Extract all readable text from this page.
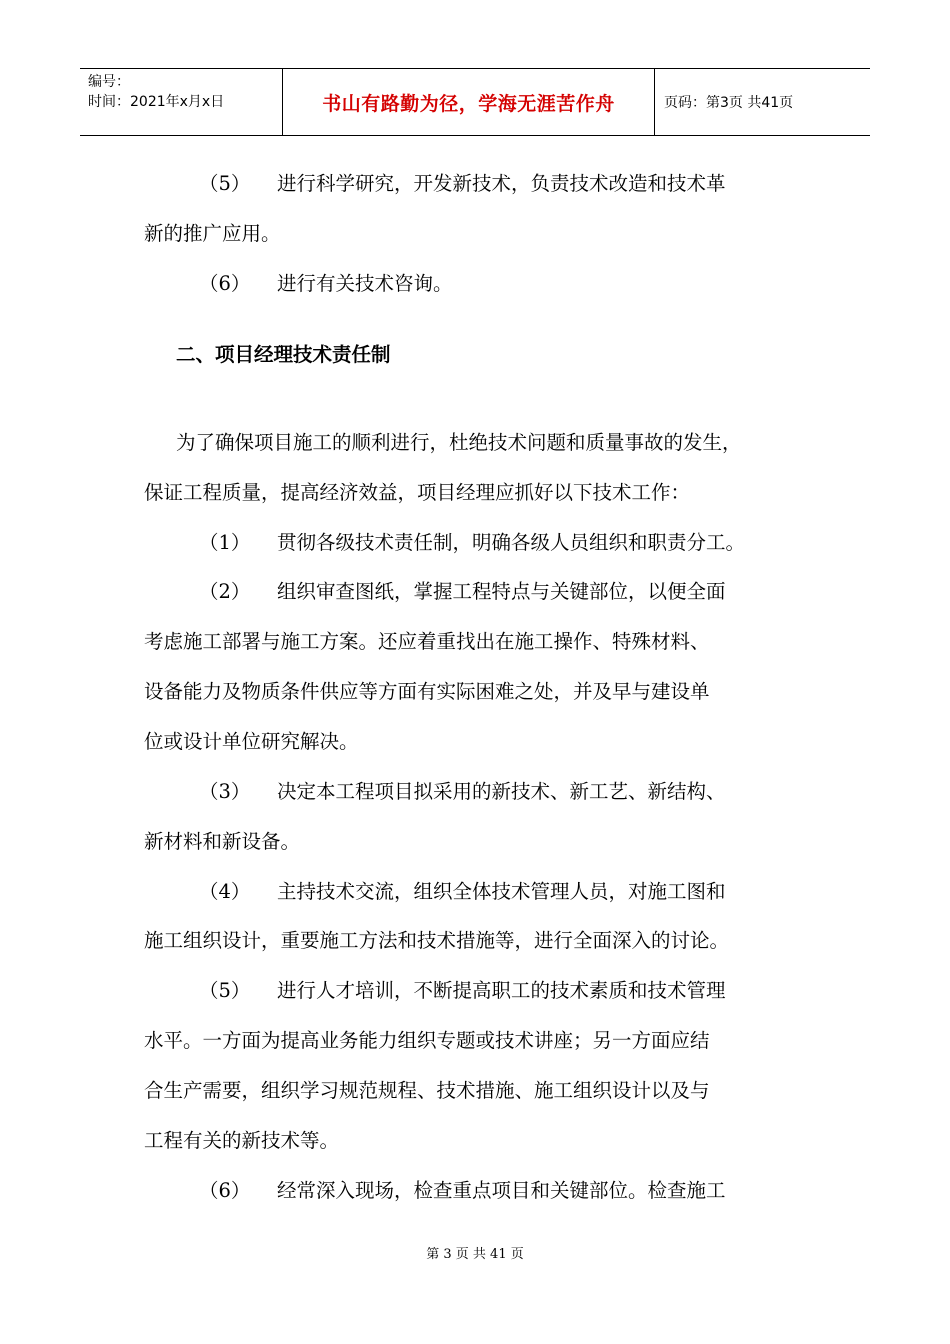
编号：
时间：2021年x月x日	书山有路勤为径，学海无涯苦作舟	页码：第3页 共41页
（5） 进行科学研究，开发新技术，负责技术改造和技术革
新的推广应用。
（6） 进行有关技术咨询。
二、项目经理技术责任制
为了确保项目施工的顺利进行，杜绝技术问题和质量事故的发生，
保证工程质量，提高经济效益，项目经理应抓好以下技术工作：
（1） 贯彻各级技术责任制，明确各级人员组织和职责分工。
（2） 组织审查图纸，掌握工程特点与关键部位，以便全面
考虑施工部署与施工方案。还应着重找出在施工操作、特殊材料、
设备能力及物质条件供应等方面有实际困难之处，并及早与建设单
位或设计单位研究解决。
（3） 决定本工程项目拟采用的新技术、新工艺、新结构、
新材料和新设备。
（4） 主持技术交流，组织全体技术管理人员，对施工图和
施工组织设计，重要施工方法和技术措施等，进行全面深入的讨论。
（5） 进行人才培训，不断提高职工的技术素质和技术管理
水平。一方面为提高业务能力组织专题或技术讲座；另一方面应结
合生产需要，组织学习规范规程、技术措施、施工组织设计以及与
工程有关的新技术等。
（6） 经常深入现场，检查重点项目和关键部位。检查施工
第 3 页 共 41 页
